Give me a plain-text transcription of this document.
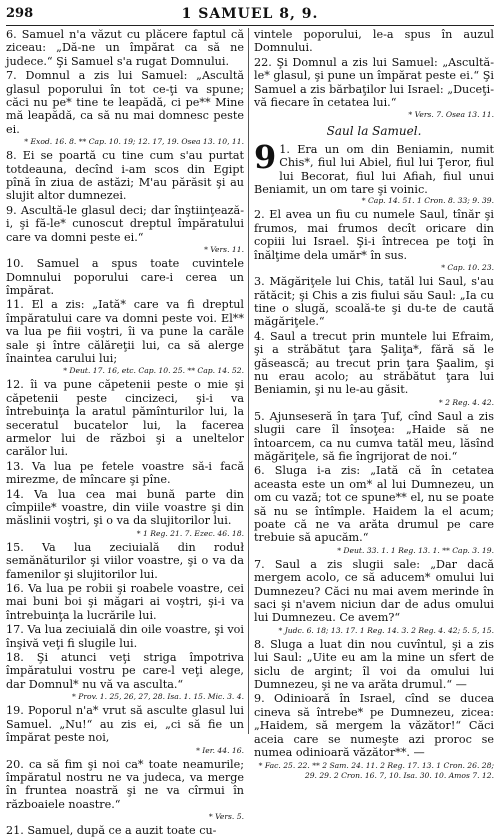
298	1 SAMUEL 8, 9.
6. Samuel n'a văzut cu plăcere faptul că ziceau: „Dă-ne un împărat ca să ne judece.“ Şi Samuel s'a rugat Domnului.
7. Domnul a zis lui Samuel: „Ascultă glasul poporului în tot ce-ţi va spune; căci nu pe* tine te leapădă, ci pe** Mine mă leapădă, ca să nu mai domnesc peste ei.
* Exod. 16. 8. ** Cap. 10. 19; 12. 17, 19. Osea 13. 10, 11.
8. Ei se poartă cu tine cum s'au purtat totdeauna, decînd i-am scos din Egipt pînă în ziua de astăzi; M'au părăsit şi au slujit altor dumnezei.
9. Ascultă-le glasul deci; dar înştiinţează-i, şi fă-le* cunoscut dreptul împăratului care va domni peste ei.“
* Vers. 11.
10. Samuel a spus toate cuvintele Domnului poporului care-i cerea un împărat.
11. El a zis: „Iată* care va fi dreptul împăratului care va domni peste voi. El** va lua pe fiii voştri, îi va pune la carăle sale şi între călăreţii lui, ca să alerge înaintea carului lui;
* Deut. 17. 16, etc. Cap. 10. 25. ** Cap. 14. 52.
12. îi va pune căpetenii peste o mie şi căpetenii peste cincizeci, şi-i va întrebuinţa la aratul pămînturilor lui, la seceratul bucatelor lui, la facerea armelor lui de război şi a uneltelor carălor lui.
13. Va lua pe fetele voastre să-i facă mirezme, de mîncare şi pîne.
14. Va lua cea mai bună parte din cîmpiile* voastre, din viile voastre şi din măslinii voştri, şi o va da slujitorilor lui.
* 1 Reg. 21. 7. Ezec. 46. 18.
15. Va lua zeciuială din roduł semănăturilor şi viilor voastre, şi o va da famenilor şi slujitorilor lui.
16. Va lua pe robii şi roabele voastre, cei mai buni boi şi măgari ai voştri, şi-i va întrebuinţa la lucrările lui.
17. Va lua zeciuială din oile voastre, şi voi înşivă veţi fi slugile lui.
18. Şi atunci veţi striga împotriva împăratului vostru pe care-l veţi alege, dar Domnul* nu vă va asculta.“
* Prov. 1. 25, 26, 27, 28. Isa. 1. 15. Mic. 3. 4.
19. Poporul n'a* vrut să asculte glasul lui Samuel. „Nu!“ au zis ei, „ci să fie un împărat peste noi,
* Ier. 44. 16.
20. ca să fim şi noi ca* toate neamurile; împăratul nostru ne va judeca, va merge în fruntea noastră şi ne va cîrmui în războaiele noastre.“
* Vers. 5.
21. Samuel, după ce a auzit toate cu-
vintele poporului, le-a spus în auzul Domnului.
22. Şi Domnul a zis lui Samuel: „Ascultă-le* glasul, şi pune un împărat peste ei.“ Şi Samuel a zis bărbaţilor lui Israel: „Duceţi-vă fiecare în cetatea lui.“
* Vers. 7. Osea 13. 11.
Saul la Samuel.
9 1. Era un om din Beniamin, numit Chis*, fiul lui Abiel, fiul lui Ţeror, fiul lui Becorat, fiul lui Afiah, fiul unui Beniamit, un om tare şi voinic.
* Cap. 14. 51. 1 Cron. 8. 33; 9. 39.
2. El avea un fiu cu numele Saul, tînăr şi frumos, mai frumos decît oricare din copiii lui Israel. Şi-i întrecea pe toţi în înălţime dela umăr* în sus.
* Cap. 10. 23.
3. Măgăriţele lui Chis, tatăl lui Saul, s'au rătăcit; şi Chis a zis fiului său Saul: „Ia cu tine o slugă, scoală-te şi du-te de caută măgăriţele.“
4. Saul a trecut prin muntele lui Efraim, şi a străbătut ţara Şaliţa*, fără să le găsească; au trecut prin ţara Şaalim, şi nu erau acolo; au străbătut ţara lui Beniamin, şi nu le-au găsit.
* 2 Reg. 4. 42.
5. Ajunseseră în ţara Ţuf, cînd Saul a zis slugii care îl însoţea: „Haide să ne întoarcem, ca nu cumva tatăl meu, lăsînd măgăriţele, să fie îngrijorat de noi.“
6. Sluga i-a zis: „Iată că în cetatea aceasta este un om* al lui Dumnezeu, un om cu vază; tot ce spune** el, nu se poate să nu se întîmple. Haidem la el acum; poate că ne va arăta drumul pe care trebuie să apucăm.“
* Deut. 33. 1. 1 Reg. 13. 1. ** Cap. 3. 19.
7. Saul a zis slugii sale: „Dar dacă mergem acolo, ce să aducem* omului lui Dumnezeu? Căci nu mai avem merinde în saci şi n'avem niciun dar de adus omului lui Dumnezeu. Ce avem?“
* Judc. 6. 18; 13. 17. 1 Reg. 14. 3. 2 Reg. 4. 42; 5. 5, 15.
8. Sluga a luat din nou cuvîntul, şi a zis lui Saul: „Uite eu am la mine un sfert de siclu de argint; îl voi da omului lui Dumnezeu, şi ne va arăta drumul.“ —
9. Odinioară în Israel, cînd se ducea cineva să întrebe* pe Dumnezeu, zicea: „Haidem, să mergem la văzător!“ Căci aceia care se numeşte azi proroc se numea odinioară văzător**. —
* Fac. 25. 22. ** 2 Sam. 24. 11. 2 Reg. 17. 13. 1 Cron. 26. 28; 29. 29. 2 Cron. 16. 7, 10. Isa. 30. 10. Amos 7. 12.
